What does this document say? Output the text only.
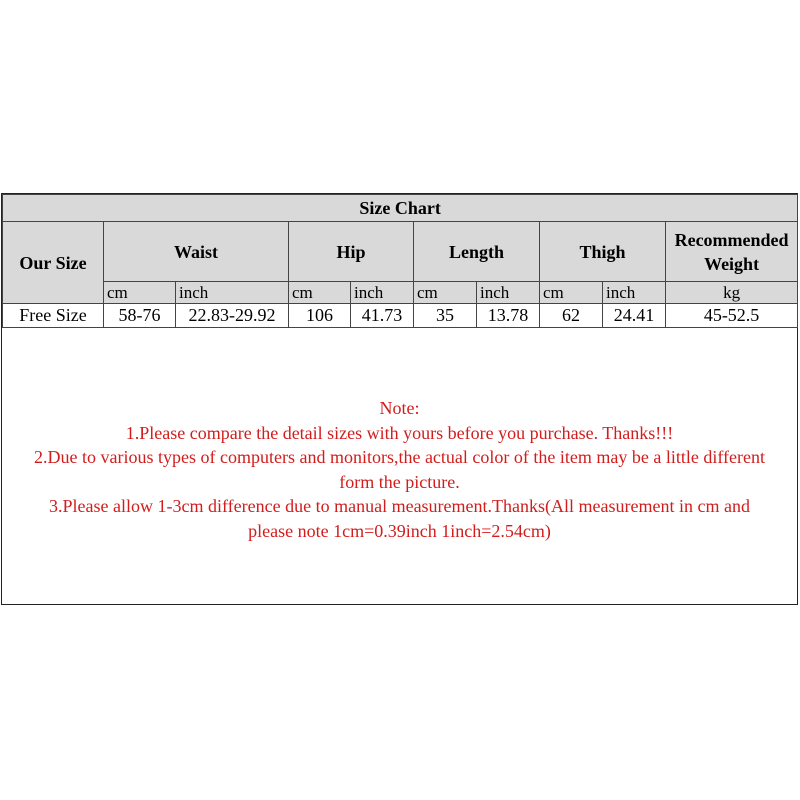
Size Chart									
Our Size	Waist		Hip		Length		Thigh		Recommended Weight
	cm	inch	cm	inch	cm	inch	cm	inch	kg
Free Size	58-76	22.83-29.92	106	41.73	35	13.78	62	24.41	45-52.5
Note:
1.Please compare the detail sizes with yours before you purchase. Thanks!!!
2.Due to various types of computers and monitors,the actual color of the item may be a little different
form the picture.
3.Please allow 1-3cm difference due to manual measurement.Thanks(All measurement in cm and
please note 1cm=0.39inch 1inch=2.54cm)
